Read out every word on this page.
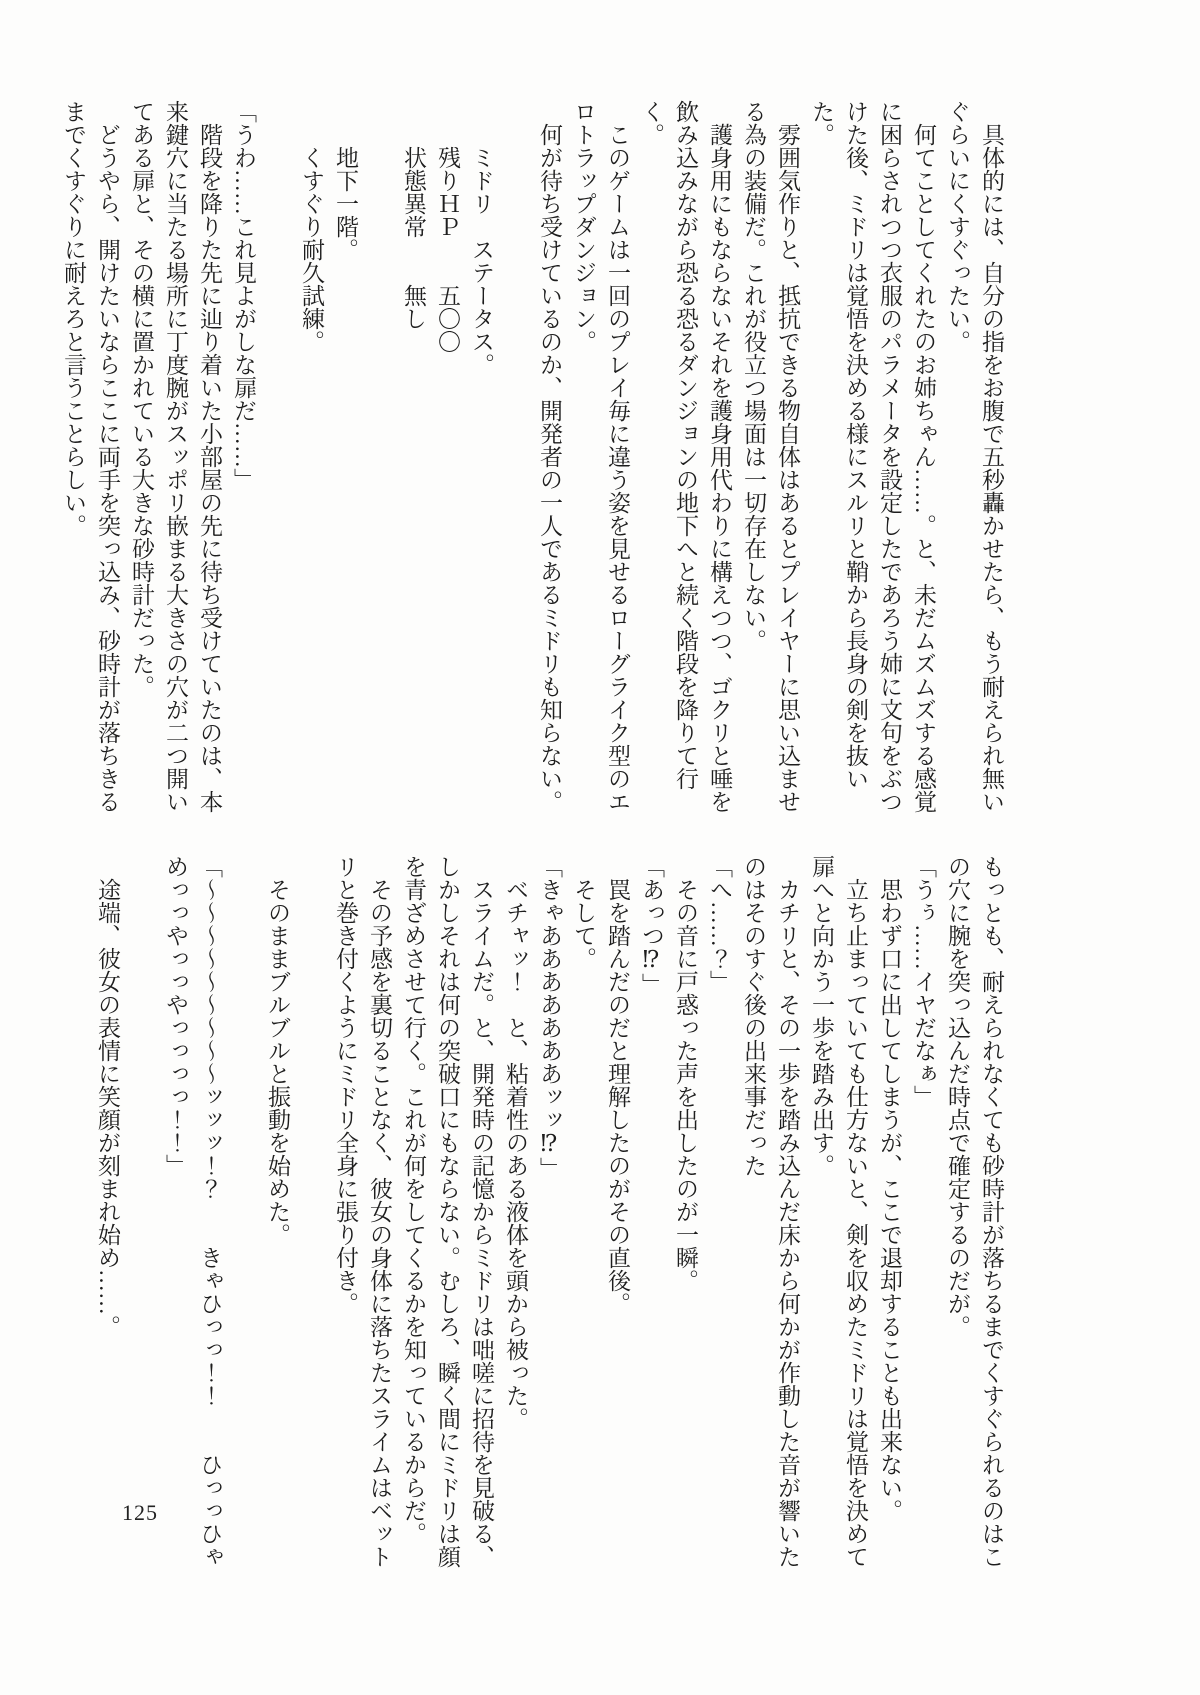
具体的には、自分の指をお腹で五秒轟かせたら、もう耐えられ無いぐらいにくすぐったい。

何てことしてくれたのお姉ちゃん……。と、未だムズムズする感覚に困らされつつ衣服のパラメータを設定したであろう姉に文句をぶつけた後、ミドリは覚悟を決める様にスルリと鞘から長身の剣を抜いた。

雰囲気作りと、抵抗できる物自体はあるとプレイヤーに思い込ませる為の装備だ。これが役立つ場面は一切存在しない。

護身用にもならないそれを護身用代わりに構えつつ、ゴクリと唾を飲み込みながら恐る恐るダンジョンの地下へと続く階段を降りて行く。

このゲームは一回のプレイ毎に違う姿を見せるローグライク型のエロトラップダンジョン。

何が待ち受けているのか、開発者の一人であるミドリも知らない。

ミドリ　ステータス。

残りＨＰ　　五〇〇

状態異常　　無し

地下一階。

くすぐり耐久試練。

「うわ……これ見よがしな扉だ……」

階段を降りた先に辿り着いた小部屋の先に待ち受けていたのは、本来鍵穴に当たる場所に丁度腕がスッポリ嵌まる大きさの穴が二つ開いてある扉と、その横に置かれている大きな砂時計だった。

どうやら、開けたいならここに両手を突っ込み、砂時計が落ちきるまでくすぐりに耐えろと言うことらしい。

もっとも、耐えられなくても砂時計が落ちるまでくすぐられるのはこの穴に腕を突っ込んだ時点で確定するのだが。

「うぅ……イヤだなぁ」

思わず口に出してしまうが、ここで退却することも出来ない。

立ち止まっていても仕方ないと、剣を収めたミドリは覚悟を決めて扉へと向かう一歩を踏み出す。

カチリと、その一歩を踏み込んだ床から何かが作動した音が響いたのはそのすぐ後の出来事だった

「へ……？」

その音に戸惑った声を出したのが一瞬。

「あっつ⁉」

罠を踏んだのだと理解したのがその直後。

そして。

「きゃあああああああッッ⁉」

ベチャッ！　と、粘着性のある液体を頭から被った。

スライムだ。と、開発時の記憶からミドリは咄嗟に招待を見破る、しかしそれは何の突破口にもならない。むしろ、瞬く間にミドリは顔を青ざめさせて行く。これが何をしてくるかを知っているからだ。

その予感を裏切ることなく、彼女の身体に落ちたスライムはベットリと巻き付くようにミドリ全身に張り付き。

そのままブルブルと振動を始めた。

「～～～～～～～～～ッッッ！？　　きゃひっっ！！　　ひっっひゃめっっやっっやっっっっ！！」

途端、彼女の表情に笑顔が刻まれ始め……。

125
